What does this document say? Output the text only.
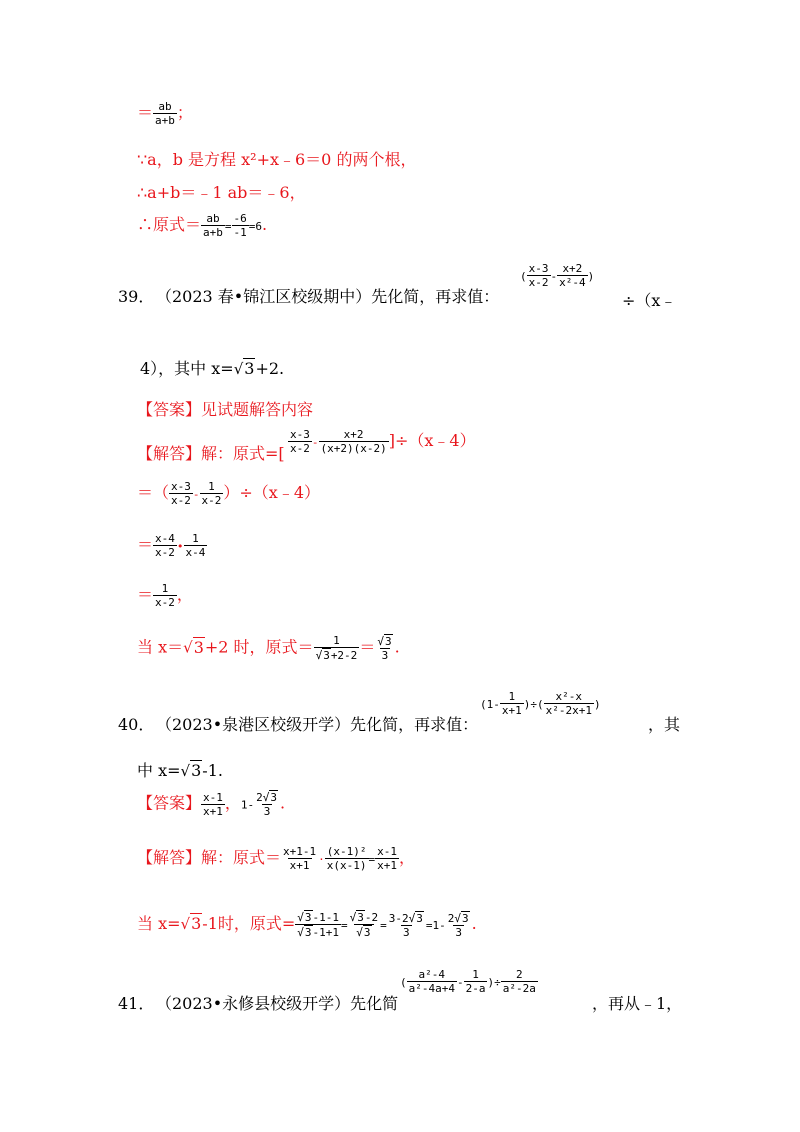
＝ $\frac{ab}{a+b}$ ；
∵a，b 是方程 x²+x﹣6＝0 的两个根，
∴a+b＝﹣1 ab＝﹣6，
∴原式＝ $\frac{ab}{a+b} = \frac{-6}{-1} =6$.
39． （2023 春•锦江区校级期中）先化简，再求值：
( $\frac{x-3}{x-2} - \frac{x+2}{\text{x²-4}}$ )
÷（x﹣
4），其中 x=√3+2.
【答案】见试题解答内容
【解答】解：原式=[ $\frac{x-3}{x-2} - \frac{x+2}{(x+2)(x-2)}$ ]÷（x﹣4）
＝（ $\frac{x-3}{x-2} - \frac{1}{x-2}$ ）÷（x﹣4）
＝ $\frac{x-4}{x-2}$ • $\frac{1}{x-4}$
＝ $\frac{1}{x-2}$ ，
当 x＝√3+2 时，原式＝ $\frac{1}{√3+2-2} = \frac{√3}{3}$ .
40． （2023•泉港区校级开学）先化简，再求值：
($1- \frac{1}{x+1}$ )÷( $\frac{\text{x²-x}}{\text{x²-2x+1}}$ )
，其
中 x=√3-1.
【答案】 $\frac{x-1}{x+1}$ ，$1- \frac{2√3}{3}$ .
【解答】解：原式＝ $\frac{x+1-1}{x+1} \cdot \frac{\text{(x-1)²}}{x(x-1)} = \frac{x-1}{x+1}$ ，
当 x=√3-1时，原式= $\frac{√3-1-1}{√3-1+1} = \frac{√3-2}{√3} = \frac{3-2√3}{3} =1- \frac{2√3}{3}$ .
41． （2023•永修县校级开学）先化简
( $\frac{\text{a²-4}}{\text{a²-4a+4}} - \frac{1}{2-a}$ )÷ $\frac{2}{\text{a²-2a}}$
，再从﹣1，
